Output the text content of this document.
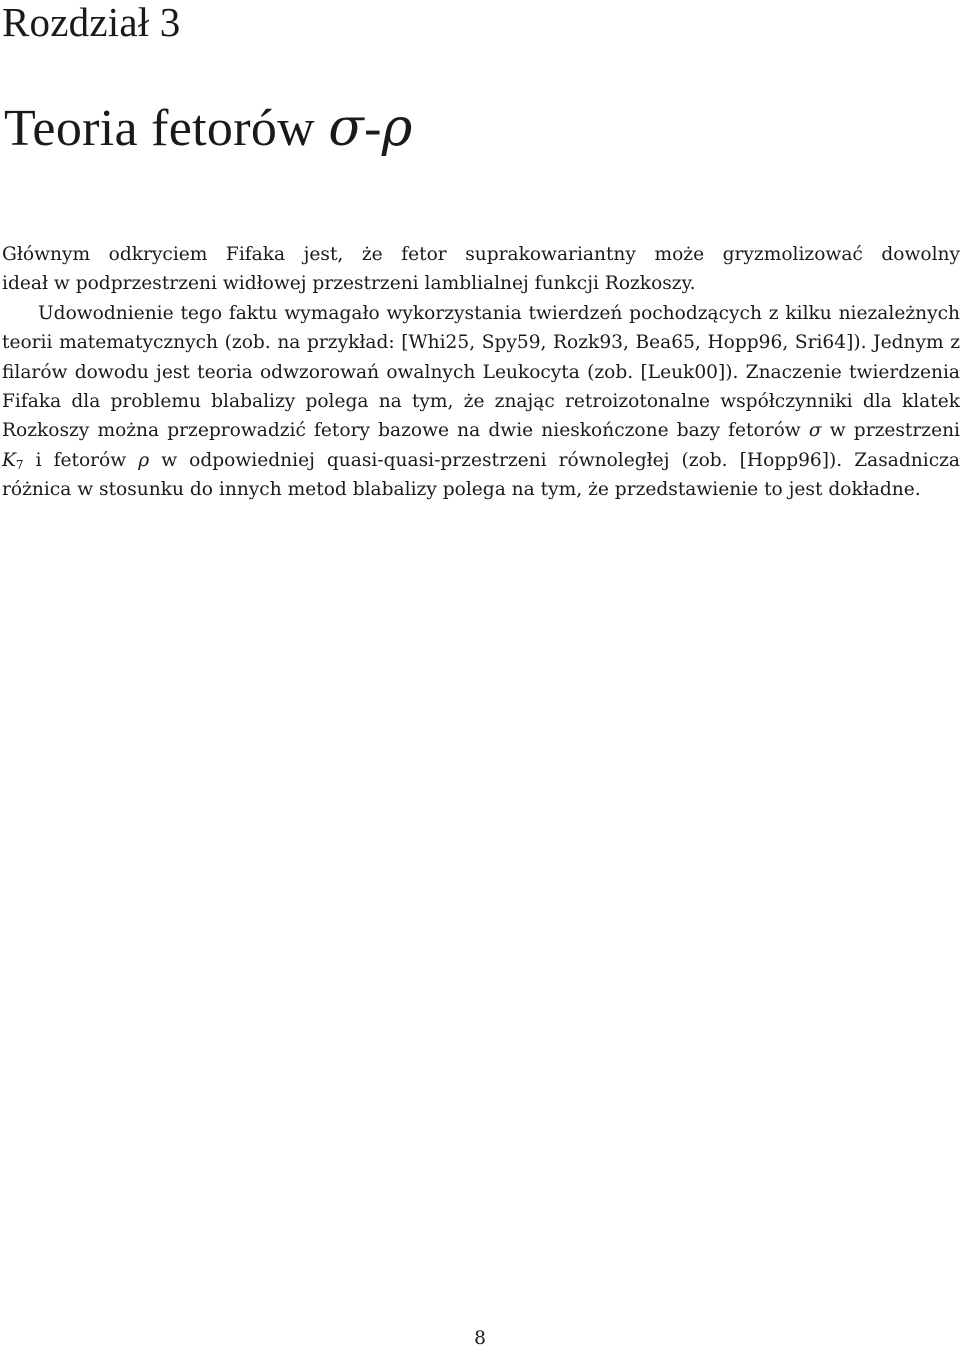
Rozdział 3
Teoria fetorów σ-ρ

Głównym odkryciem Fifaka jest, że fetor suprakowariantny może gryzmolizować dowolny

ideał w podprzestrzeni widłowej przestrzeni lamblialnej funkcji Rozkoszy.

Udowodnienie tego faktu wymagało wykorzystania twierdzeń pochodzących z kilku niezależnych teorii matematycznych (zob. na przykład: [Whi25, Spy59, Rozk93, Bea65, Hopp96, Sri64]). Jednym z filarów dowodu jest teoria odwzorowań owalnych Leukocyta (zob. [Leuk00]). Znaczenie twierdzenia Fifaka dla problemu blabalizy polega na tym, że znając retroizotonalne współczynniki dla klatek Rozkoszy można przeprowadzić fetory bazowe na dwie nieskończone bazy fetorów σ w przestrzeni $K_7$ i fetorów ρ w odpowiedniej quasi-quasi-przestrzeni równoległej (zob. [Hopp96]). Zasadnicza różnica w stosunku do innych metod blabalizy polega na tym, że przedstawienie to jest dokładne.

8
